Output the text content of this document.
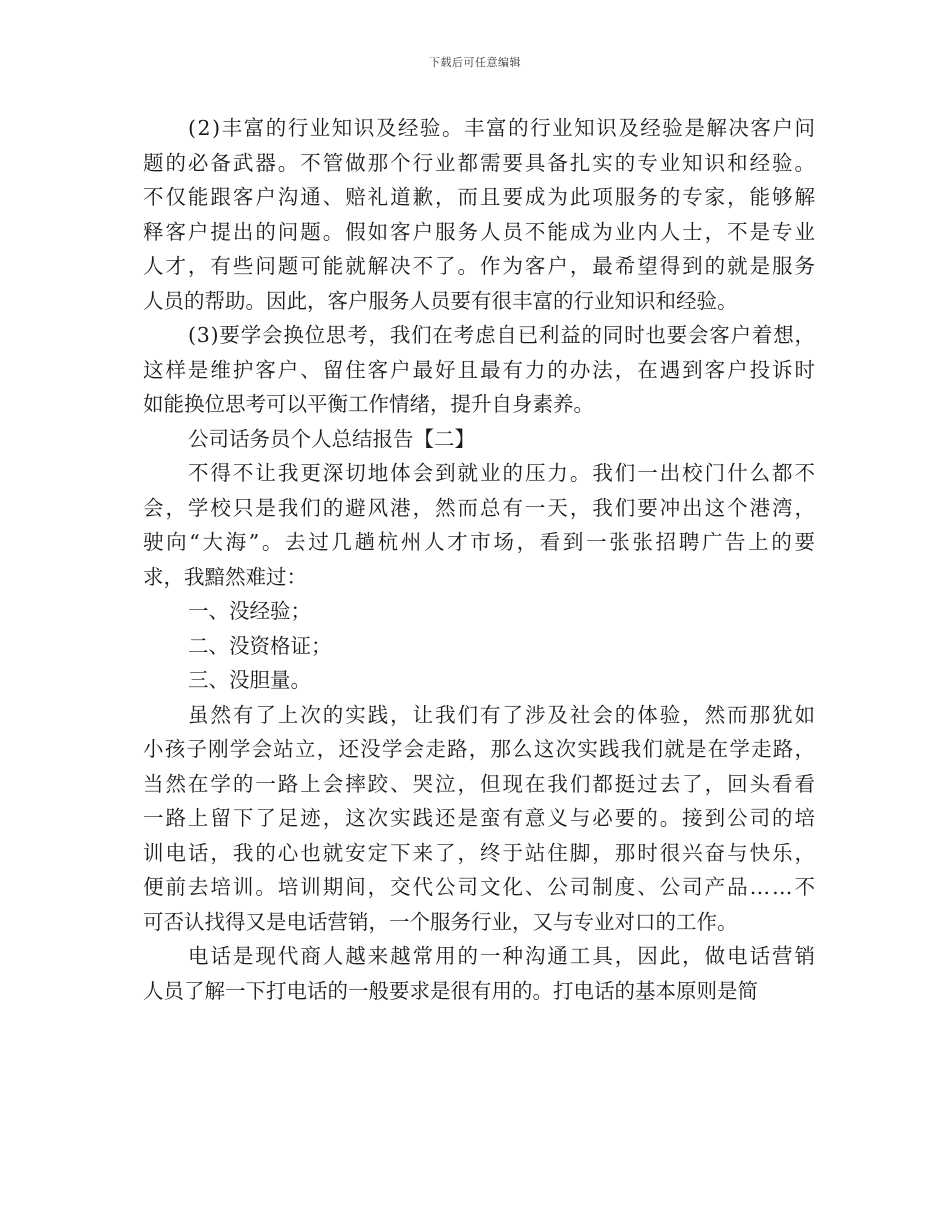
下载后可任意编辑
(2)丰富的行业知识及经验。丰富的行业知识及经验是解决客户问
题的必备武器。不管做那个行业都需要具备扎实的专业知识和经验。
不仅能跟客户沟通、赔礼道歉，而且要成为此项服务的专家，能够解
释客户提出的问题。假如客户服务人员不能成为业内人士，不是专业
人才，有些问题可能就解决不了。作为客户，最希望得到的就是服务
人员的帮助。因此，客户服务人员要有很丰富的行业知识和经验。
(3)要学会换位思考，我们在考虑自已利益的同时也要会客户着想，
这样是维护客户、留住客户最好且最有力的办法，在遇到客户投诉时
如能换位思考可以平衡工作情绪，提升自身素养。
公司话务员个人总结报告【二】
不得不让我更深切地体会到就业的压力。我们一出校门什么都不
会，学校只是我们的避风港，然而总有一天，我们要冲出这个港湾，
驶向“大海”。去过几趟杭州人才市场，看到一张张招聘广告上的要
求，我黯然难过：
一、没经验；
二、没资格证；
三、没胆量。
虽然有了上次的实践，让我们有了涉及社会的体验，然而那犹如
小孩子刚学会站立，还没学会走路，那么这次实践我们就是在学走路，
当然在学的一路上会摔跤、哭泣，但现在我们都挺过去了，回头看看
一路上留下了足迹，这次实践还是蛮有意义与必要的。接到公司的培
训电话，我的心也就安定下来了，终于站住脚，那时很兴奋与快乐，
便前去培训。培训期间，交代公司文化、公司制度、公司产品……不
可否认找得又是电话营销，一个服务行业，又与专业对口的工作。
电话是现代商人越来越常用的一种沟通工具，因此，做电话营销
人员了解一下打电话的一般要求是很有用的。打电话的基本原则是简
